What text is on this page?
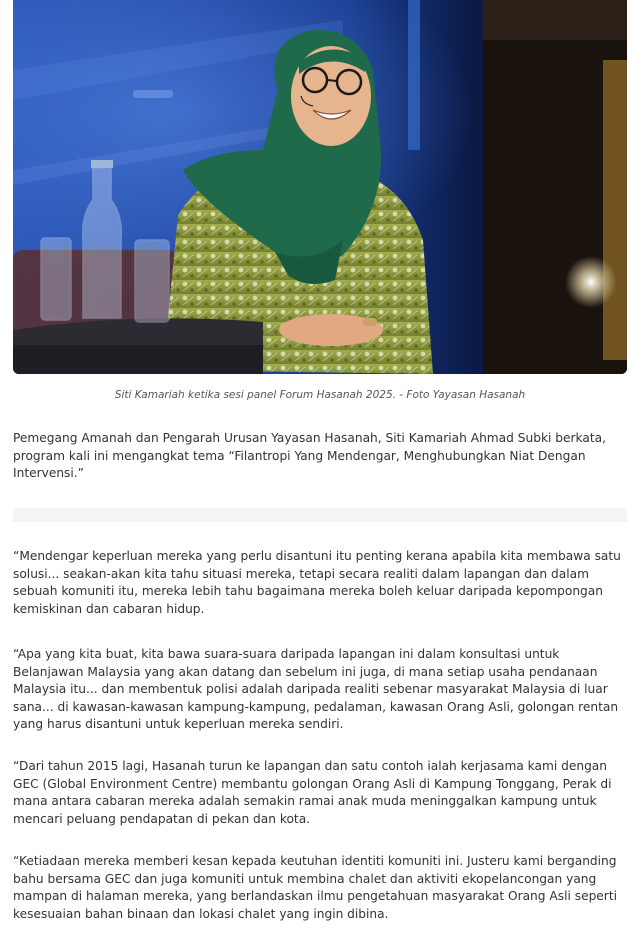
Siti Kamariah ketika sesi panel Forum Hasanah 2025. - Foto Yayasan Hasanah

Pemegang Amanah dan Pengarah Urusan Yayasan Hasanah, Siti Kamariah Ahmad Subki berkata, program kali ini mengangkat tema “Filantropi Yang Mendengar, Menghubungkan Niat Dengan Intervensi.”

“Mendengar keperluan mereka yang perlu disantuni itu penting kerana apabila kita membawa satu solusi... seakan-akan kita tahu situasi mereka, tetapi secara realiti dalam lapangan dan dalam sebuah komuniti itu, mereka lebih tahu bagaimana mereka boleh keluar daripada kepompongan kemiskinan dan cabaran hidup.

“Apa yang kita buat, kita bawa suara-suara daripada lapangan ini dalam konsultasi untuk Belanjawan Malaysia yang akan datang dan sebelum ini juga, di mana setiap usaha pendanaan Malaysia itu... dan membentuk polisi adalah daripada realiti sebenar masyarakat Malaysia di luar sana... di kawasan-kawasan kampung-kampung, pedalaman, kawasan Orang Asli, golongan rentan yang harus disantuni untuk keperluan mereka sendiri.

“Dari tahun 2015 lagi, Hasanah turun ke lapangan dan satu contoh ialah kerjasama kami dengan GEC (Global Environment Centre) membantu golongan Orang Asli di Kampung Tonggang, Perak di mana antara cabaran mereka adalah semakin ramai anak muda meninggalkan kampung untuk mencari peluang pendapatan di pekan dan kota.

“Ketiadaan mereka memberi kesan kepada keutuhan identiti komuniti ini. Justeru kami berganding bahu bersama GEC dan juga komuniti untuk membina chalet dan aktiviti ekopelancongan yang mampan di halaman mereka, yang berlandaskan ilmu pengetahuan masyarakat Orang Asli seperti kesesuaian bahan binaan dan lokasi chalet yang ingin dibina.
